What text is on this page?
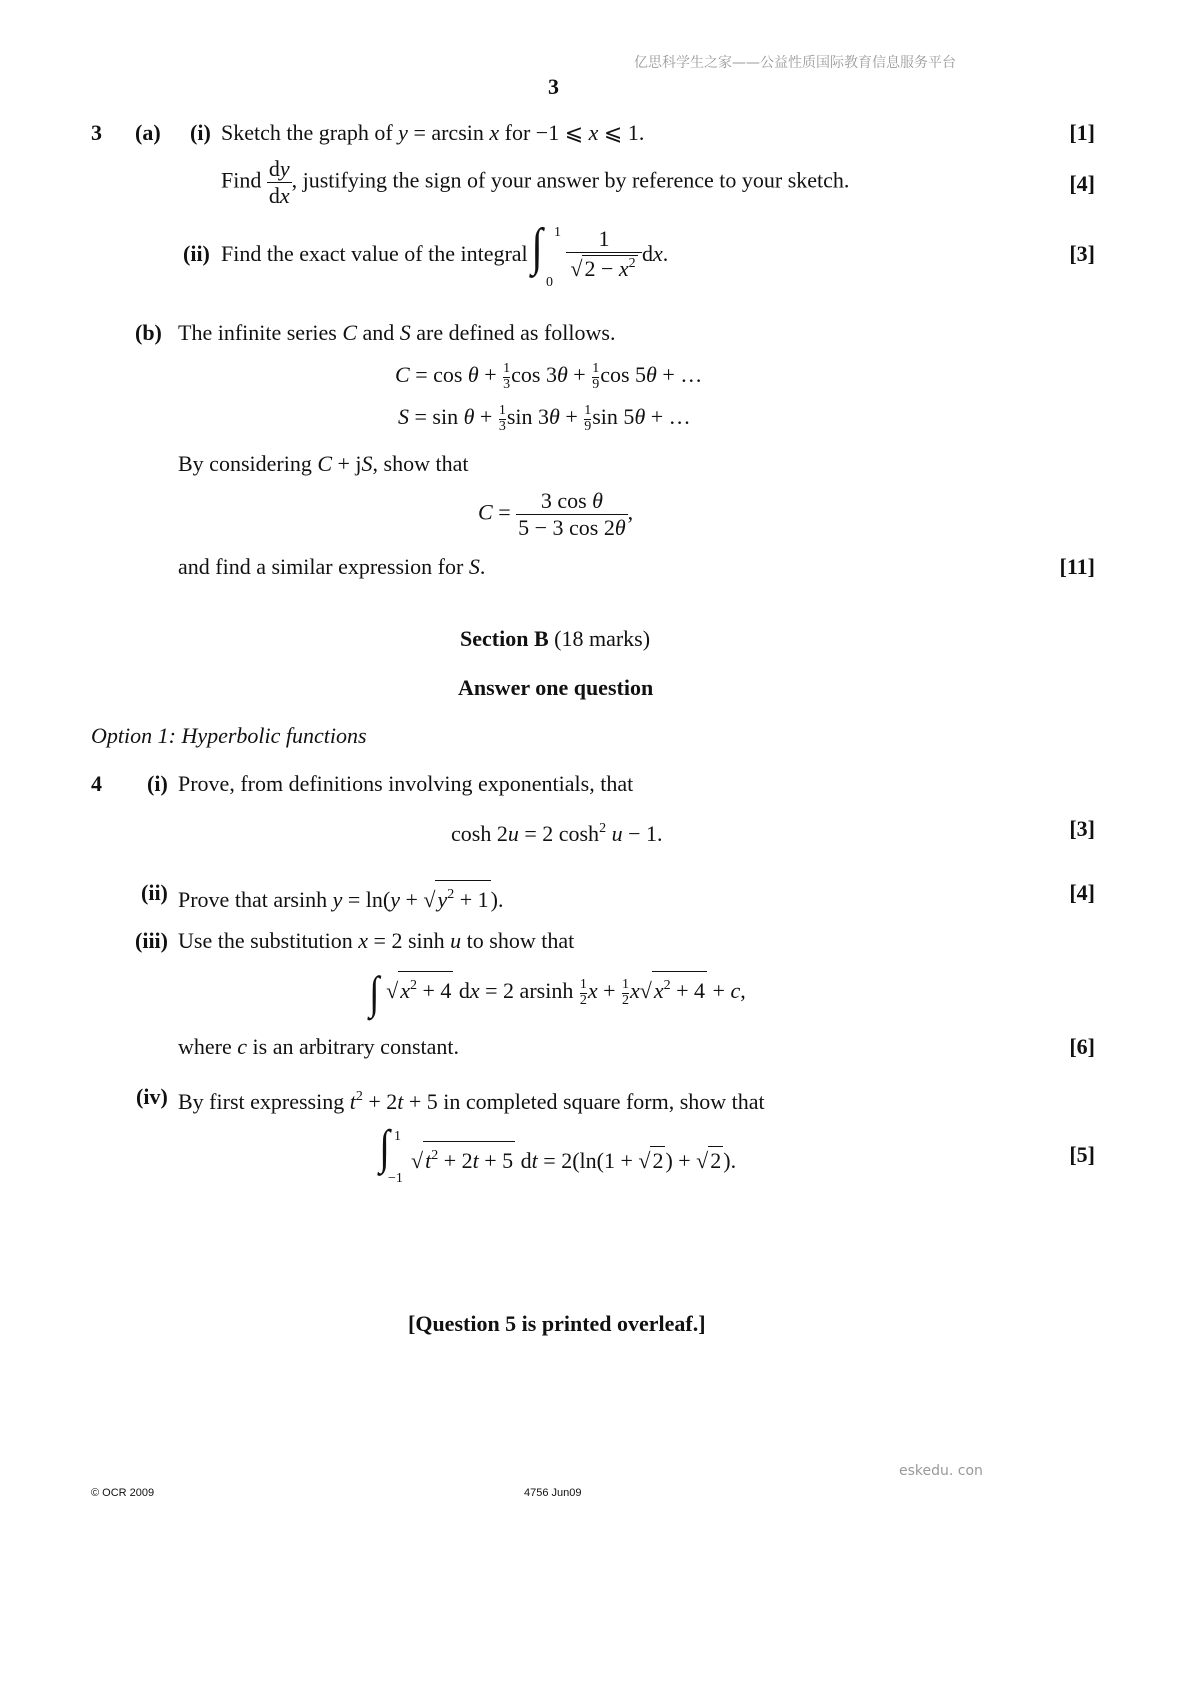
亿思科学生之家——公益性质国际教育信息服务平台
3
3 (a) (i) Sketch the graph of y = arcsin x for −1 ⩽ x ⩽ 1.	[1]
Find $\frac{dy}{dx}$ , justifying the sign of your answer by reference to your sketch.	[4]
(ii) Find the exact value of the integral ∫ 1
0
$\frac{1}{√2 - x^2}$ dx.	[3]
(b) The infinite series C and S are defined as follows.
$C = \cos \theta + \frac{1}{3}$ $\cos 3\theta + \frac{1}{9}$ cos 5θ + …
$S = \sin \theta + \frac{1}{3}$ $\sin 3\theta + \frac{1}{9}$ sin 5θ + …
By considering C + jS, show that
$C = \frac{\text{3 cos θ}}{5 - 3 \cos 2\theta}$ ,
and find a similar expression for S.	[11]
Section B (18 marks)
Answer one question
Option 1: Hyperbolic functions
4 (i) Prove, from definitions involving exponentials, that
cosh 2u = 2 $\cosh^2 u - 1$.	[3]
(ii) Prove that arsinh $y = \ln(y + √y^2 + 1)$.	[4]
(iii) Use the substitution x = 2 sinh u to show that
∫ $√x^2 + 4$ dx = 2 arsinh $\frac{1}{2}$ $x + \frac{1}{2} x√x^2 + 4 + c$,
where c is an arbitrary constant.	[6]
(iv) By first expressing $t^2 + 2t + 5$ in completed square form, show that
∫ 1
−1
$√t^2 + 2t + 5$ dt = 2(ln(1 + √2) + √2).	[5]
[Question 5 is printed overleaf.]
eskedu. con
© OCR 2009	4756 Jun09
